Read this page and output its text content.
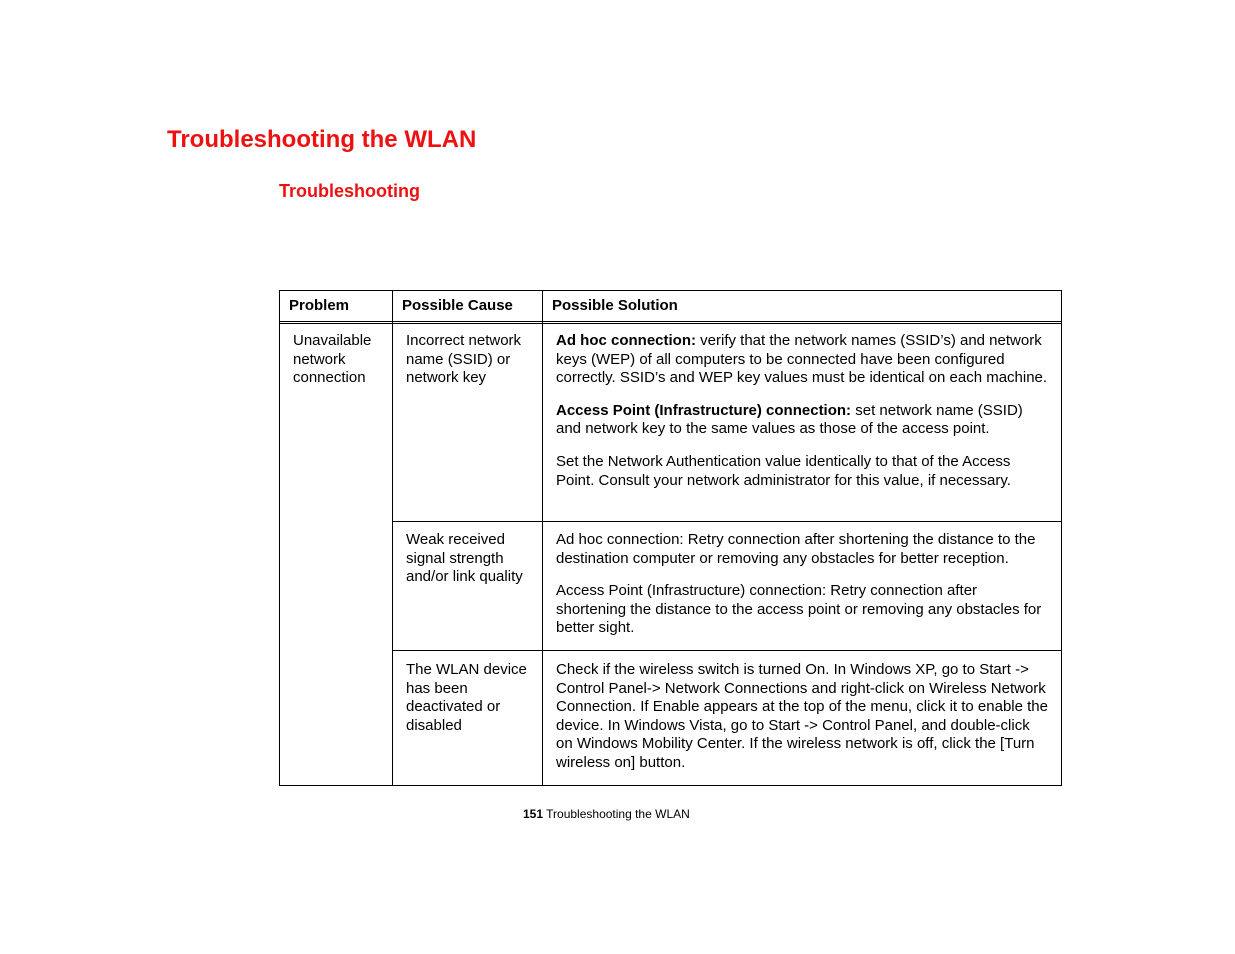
Troubleshooting the WLAN
Troubleshooting
Problem	Possible Cause	Possible Solution
Unavailable network connection
Incorrect network name (SSID) or network key

Ad hoc connection: verify that the network names (SSID’s) and network keys (WEP) of all computers to be connected have been configured correctly. SSID’s and WEP key values must be identical on each machine.

Access Point (Infrastructure) connection: set network name (SSID) and network key to the same values as those of the access point.

Set the Network Authentication value identically to that of the Access Point. Consult your network administrator for this value, if necessary.

Weak received signal strength and/or link quality

Ad hoc connection: Retry connection after shortening the distance to the destination computer or removing any obstacles for better reception.

Access Point (Infrastructure) connection: Retry connection after shortening the distance to the access point or removing any obstacles for better sight.

The WLAN device has been deactivated or disabled

Check if the wireless switch is turned On. In Windows XP, go to Start -> Control Panel-> Network Connections and right-click on Wireless Network Connection. If Enable appears at the top of the menu, click it to enable the device. In Windows Vista, go to Start -> Control Panel, and double-click on Windows Mobility Center. If the wireless network is off, click the [Turn wireless on] button.

151 Troubleshooting the WLAN
